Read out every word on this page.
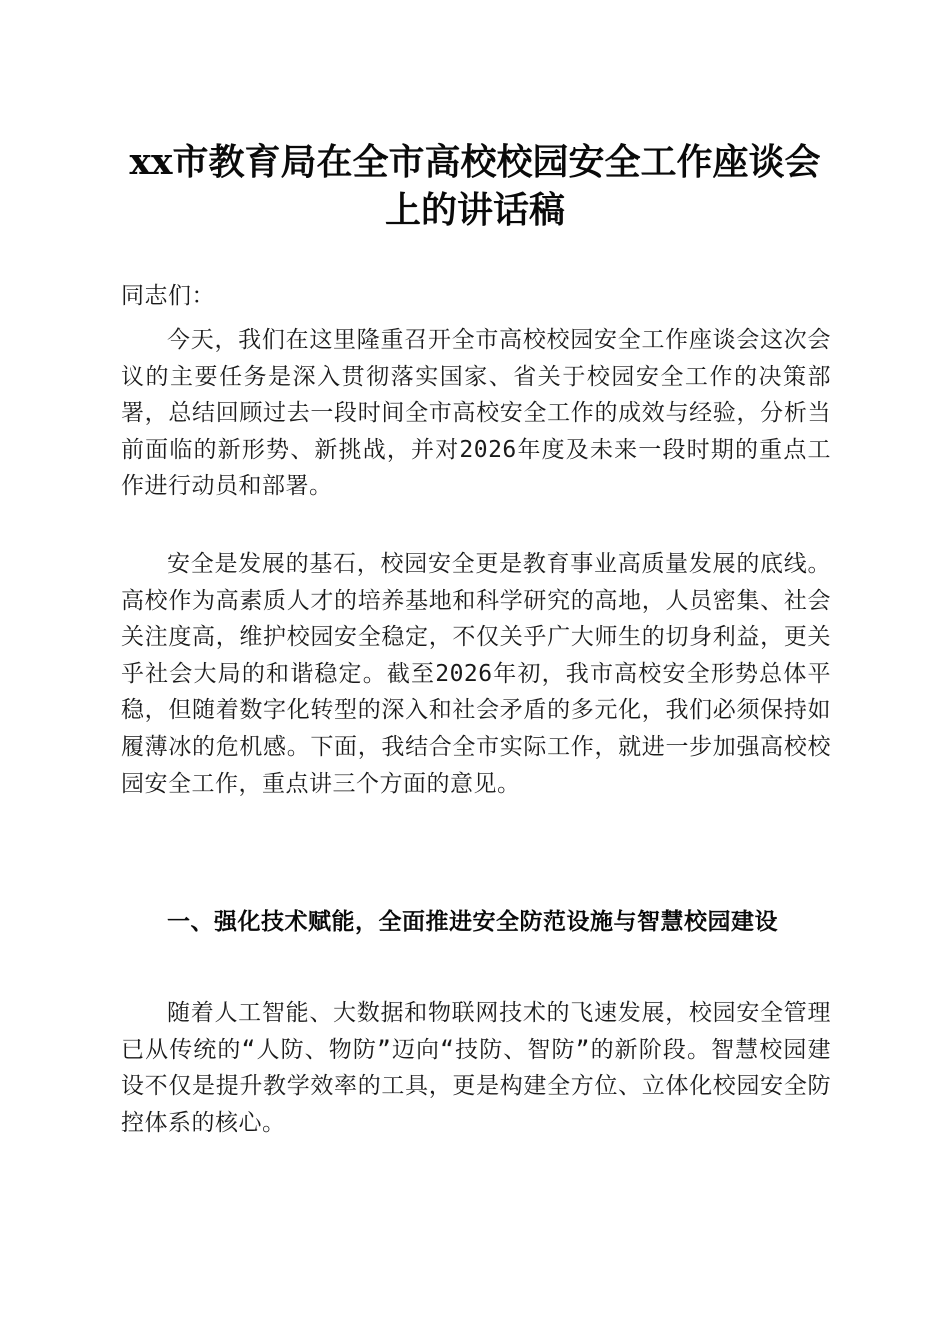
xx市教育局在全市高校校园安全工作座谈会
上的讲话稿

同志们：

今天，我们在这里隆重召开全市高校校园安全工作座谈会这次会议的主要任务是深入贯彻落实国家、省关于校园安全工作的决策部署，总结回顾过去一段时间全市高校安全工作的成效与经验，分析当前面临的新形势、新挑战，并对2026年度及未来一段时期的重点工作进行动员和部署。

安全是发展的基石，校园安全更是教育事业高质量发展的底线。高校作为高素质人才的培养基地和科学研究的高地，人员密集、社会关注度高，维护校园安全稳定，不仅关乎广大师生的切身利益，更关乎社会大局的和谐稳定。截至2026年初，我市高校安全形势总体平稳，但随着数字化转型的深入和社会矛盾的多元化，我们必须保持如履薄冰的危机感。下面，我结合全市实际工作，就进一步加强高校校园安全工作，重点讲三个方面的意见。

一、强化技术赋能，全面推进安全防范设施与智慧校园建设

随着人工智能、大数据和物联网技术的飞速发展，校园安全管理已从传统的“人防、物防”迈向“技防、智防”的新阶段。智慧校园建设不仅是提升教学效率的工具，更是构建全方位、立体化校园安全防控体系的核心。
